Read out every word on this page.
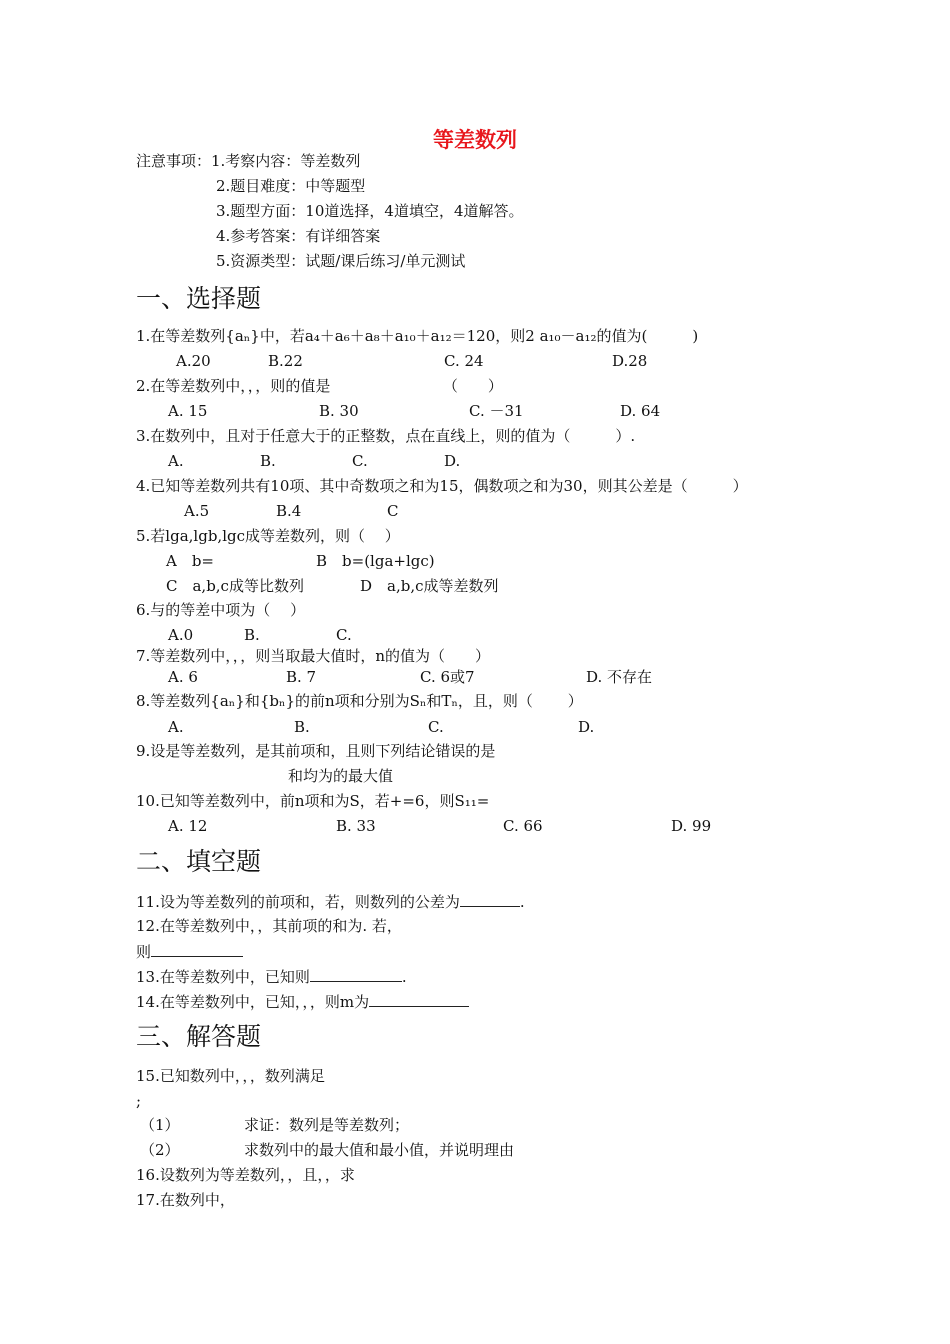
等差数列
注意事项：1.考察内容：等差数列
2.题目难度：中等题型
3.题型方面：10道选择，4道填空，4道解答。
4.参考答案：有详细答案
5.资源类型：试题/课后练习/单元测试
一、选择题
1.在等差数列{aₙ}中，若a₄＋a₆＋a₈＋a₁₀＋a₁₂＝120，则2 a₁₀－a₁₂的值为(　　　)
A.20	B.22	C. 24	D.28
2.在等差数列中，，，则的值是　　　　　　　　（　　）
A. 15	B. 30	C. －31	D. 64
3.在数列中，且对于任意大于的正整数，点在直线上，则的值为（　　　）.
A.	B.	C.	D.
4.已知等差数列共有10项、其中奇数项之和为15，偶数项之和为30，则其公差是（　　　）
A.5	B.4	C
5.若lga,lgb,lgc成等差数列，则（　 ）
A　b=	B　b=(lga+lgc)
C　a,b,c成等比数列	D　a,b,c成等差数列
6.与的等差中项为（　 ）
A.0	B.	C.
7.等差数列中，，，则当取最大值时，n的值为（　　）
A. 6	B. 7	C. 6或7	D. 不存在
8.等差数列{aₙ}和{bₙ}的前n项和分别为Sₙ和Tₙ，且，则（　　 ）
A.	B.	C.	D.
9.设是等差数列，是其前项和，且则下列结论错误的是
和均为的最大值
10.已知等差数列中，前n项和为S，若+=6，则S₁₁=
A. 12	B. 33	C. 66	D. 99
二、填空题
11.设为等差数列的前项和，若，则数列的公差为	.
12.在等差数列中，，其前项的和为. 若，
则
13.在等差数列中，已知则	.
14.在等差数列中，已知，，，则m为
三、解答题
15.已知数列中，，，数列满足
;
（1）	求证：数列是等差数列；
（2）	求数列中的最大值和最小值，并说明理由
16.设数列为等差数列，，且，，求
17.在数列中，
